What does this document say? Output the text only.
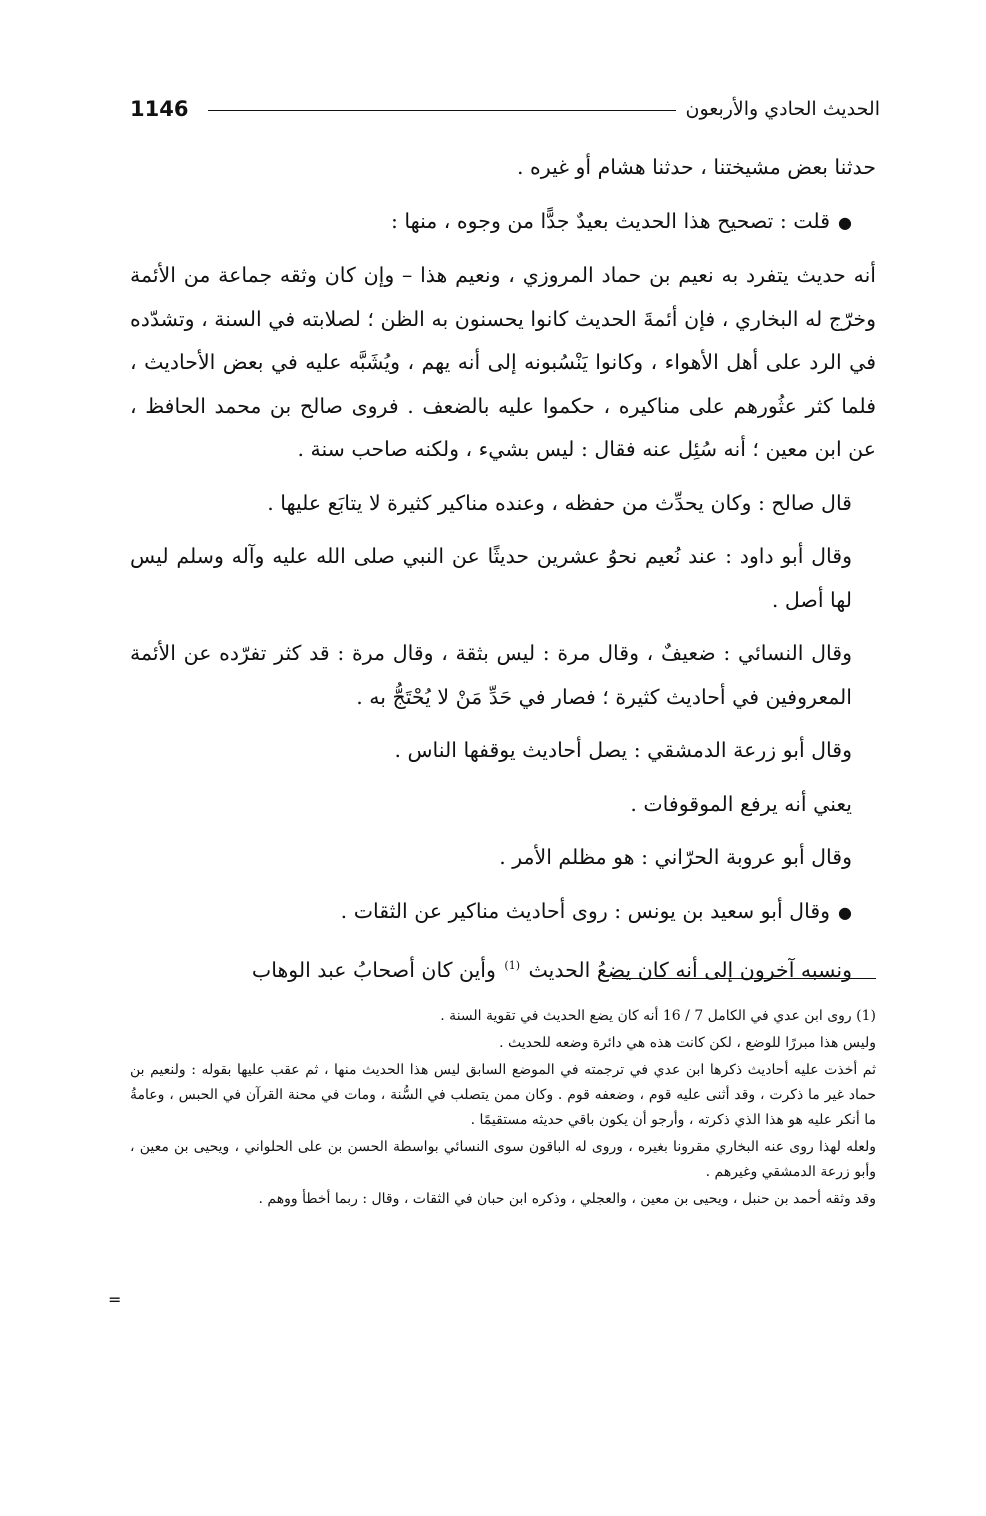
1146	الحديث الحادي والأربعون

حدثنا بعض مشيختنا ، حدثنا هشام أو غيره .

●قلت : تصحيح هذا الحديث بعيدٌ جدًّا من وجوه ، منها :

أنه حديث يتفرد به نعيم بن حماد المروزي ، ونعيم هذا – وإن كان وثقه جماعة من الأئمة وخرّج له البخاري ، فإن أئمةَ الحديث كانوا يحسنون به الظن ؛ لصلابته في السنة ، وتشدّده في الرد على أهل الأهواء ، وكانوا يَنْسُبونه إلى أنه يهم ، ويُشَبَّه عليه في بعض الأحاديث ، فلما كثر عثُورهم على مناكيره ، حكموا عليه بالضعف . فروى صالح بن محمد الحافظ ، عن ابن معين ؛ أنه سُئِل عنه فقال : ليس بشيء ، ولكنه صاحب سنة .

قال صالح : وكان يحدِّث من حفظه ، وعنده مناكير كثيرة لا يتابَع عليها .

وقال أبو داود : عند نُعيم نحوُ عشرين حديثًا عن النبي صلى الله عليه وآله وسلم ليس لها أصل .

وقال النسائي : ضعيفٌ ، وقال مرة : ليس بثقة ، وقال مرة : قد كثر تفرّده عن الأئمة المعروفين في أحاديث كثيرة ؛ فصار في حَدِّ مَنْ لا يُحْتَجُّ به .

وقال أبو زرعة الدمشقي : يصل أحاديث يوقفها الناس .

يعني أنه يرفع الموقوفات .

وقال أبو عروبة الحرّاني : هو مظلم الأمر .

●وقال أبو سعيد بن يونس : روى أحاديث مناكير عن الثقات .

ونسبه آخرون إلى أنه كان يضعُ الحديث $^{(1)}$ وأين كان أصحابُ عبد الوهاب

(1) روى ابن عدي في الكامل 7 / 16 أنه كان يضع الحديث في تقوية السنة .

وليس هذا مبررًا للوضع ، لكن كانت هذه هي دائرة وضعه للحديث .

ثم أخذت عليه أحاديث ذكرها ابن عدي في ترجمته في الموضع السابق ليس هذا الحديث منها ، ثم عقب عليها بقوله : ولنعيم بن حماد غير ما ذكرت ، وقد أثنى عليه قوم ، وضعفه قوم . وكان ممن يتصلب في السُّنة ، ومات في محنة القرآن في الحبس ، وعامةُ ما أنكر عليه هو هذا الذي ذكرته ، وأرجو أن يكون باقي حديثه مستقيمًا .

ولعله لهذا روى عنه البخاري مقرونا بغيره ، وروى له الباقون سوى النسائي بواسطة الحسن بن على الحلواني ، ويحيى بن معين ، وأبو زرعة الدمشقي وغيرهم .

وقد وثقه أحمد بن حنبل ، ويحيى بن معين ، والعجلي ، وذكره ابن حبان في الثقات ، وقال : ربما أخطأ ووهم .

=
